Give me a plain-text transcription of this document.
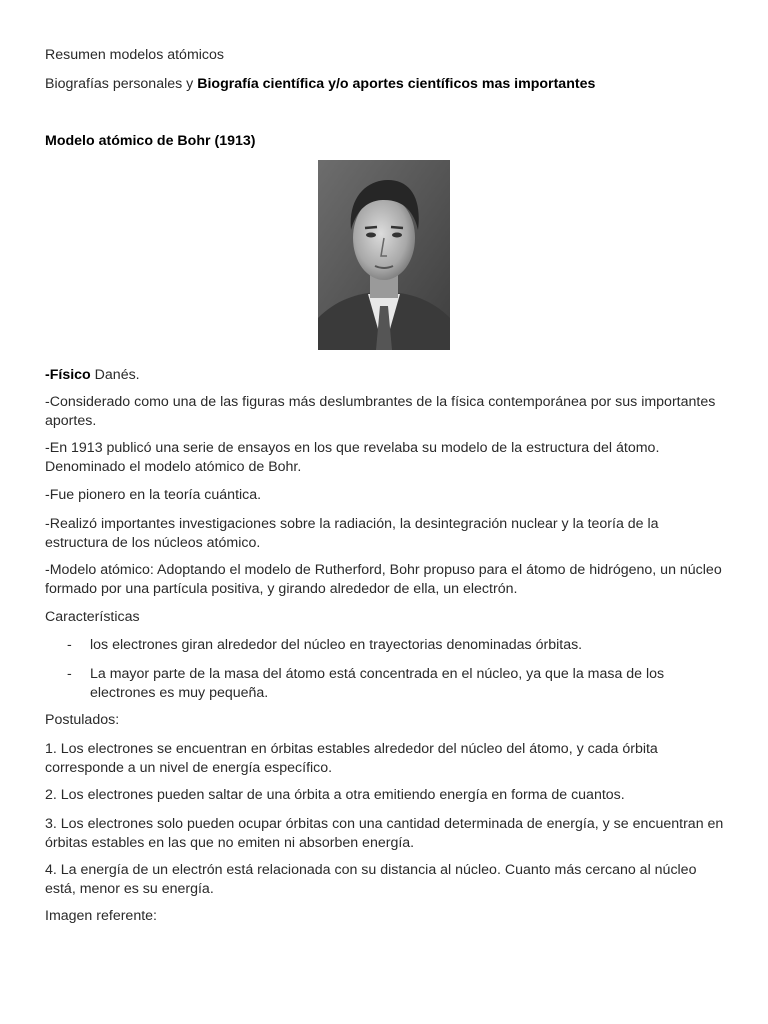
Resumen modelos atómicos
Biografías personales y Biografía científica y/o aportes científicos mas importantes
Modelo atómico de Bohr (1913)
-Físico Danés.
-Considerado como una de las figuras más deslumbrantes de la física contemporánea por sus importantes aportes.
-En 1913 publicó una serie de ensayos en los que revelaba su modelo de la estructura del átomo. Denominado el modelo atómico de Bohr.
-Fue pionero en la teoría cuántica.
-Realizó importantes investigaciones sobre la radiación, la desintegración nuclear y la teoría de la estructura de los núcleos atómico.
-Modelo atómico: Adoptando el modelo de Rutherford, Bohr propuso para el átomo de hidrógeno, un núcleo formado por una partícula positiva, y girando alrededor de ella, un electrón.
Características
- los electrones giran alrededor del núcleo en trayectorias denominadas órbitas.
- La mayor parte de la masa del átomo está concentrada en el núcleo, ya que la masa de los electrones es muy pequeña.
Postulados:
1. Los electrones se encuentran en órbitas estables alrededor del núcleo del átomo, y cada órbita corresponde a un nivel de energía específico.
2. Los electrones pueden saltar de una órbita a otra emitiendo energía en forma de cuantos.
3. Los electrones solo pueden ocupar órbitas con una cantidad determinada de energía, y se encuentran en órbitas estables en las que no emiten ni absorben energía.
4. La energía de un electrón está relacionada con su distancia al núcleo. Cuanto más cercano al núcleo está, menor es su energía.
Imagen referente:
